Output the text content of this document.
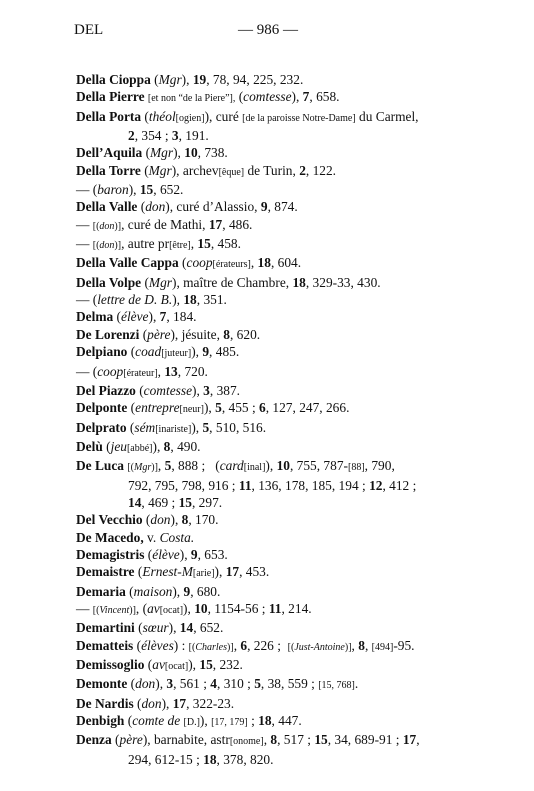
DEL	— 986 —
Della Cioppa (Mgr), 19, 78, 94, 225, 232.
Della Pierre [et non “de la Piere”], (comtesse), 7, 658.
Della Porta (théol[ogien]), curé [de la paroisse Notre-Dame] du Carmel,
2, 354 ; 3, 191.
Dell’Aquila (Mgr), 10, 738.
Della Torre (Mgr), archev[êque] de Turin, 2, 122.
— (baron), 15, 652.
Della Valle (don), curé d’Alassio, 9, 874.
— [(don)], curé de Mathi, 17, 486.
— [(don)], autre pr[être], 15, 458.
Della Valle Cappa (coop[érateurs], 18, 604.
Della Volpe (Mgr), maître de Chambre, 18, 329-33, 430.
— (lettre de D. B.), 18, 351.
Delma (élève), 7, 184.
De Lorenzi (père), jésuite, 8, 620.
Delpiano (coad[juteur]), 9, 485.
— (coop[érateur], 13, 720.
Del Piazzo (comtesse), 3, 387.
Delponte (entrepre[neur]), 5, 455 ; 6, 127, 247, 266.
Delprato (sém[inariste]), 5, 510, 516.
Delù (jeu[abbé]), 8, 490.
De Luca [(Mgr)], 5, 888 ;   (card[inal]), 10, 755, 787-[88], 790,
792, 795, 798, 916 ; 11, 136, 178, 185, 194 ; 12, 412 ;
14, 469 ; 15, 297.
Del Vecchio (don), 8, 170.
De Macedo, v. Costa.
Demagistris (élève), 9, 653.
Demaistre (Ernest-M[arie]), 17, 453.
Demaria (maison), 9, 680.
— [(Vincent)], (av[ocat]), 10, 1154-56 ; 11, 214.
Demartini (sœur), 14, 652.
Dematteis (élèves) : [(Charles)], 6, 226 ;  [(Just-Antoine)], 8, [494]-95.
Demissoglio (av[ocat]), 15, 232.
Demonte (don), 3, 561 ; 4, 310 ; 5, 38, 559 ; [15, 768].
De Nardis (don), 17, 322-23.
Denbigh (comte de [D.]), [17, 179] ; 18, 447.
Denza (père), barnabite, astr[onome], 8, 517 ; 15, 34, 689-91 ; 17,
294, 612-15 ; 18, 378, 820.
